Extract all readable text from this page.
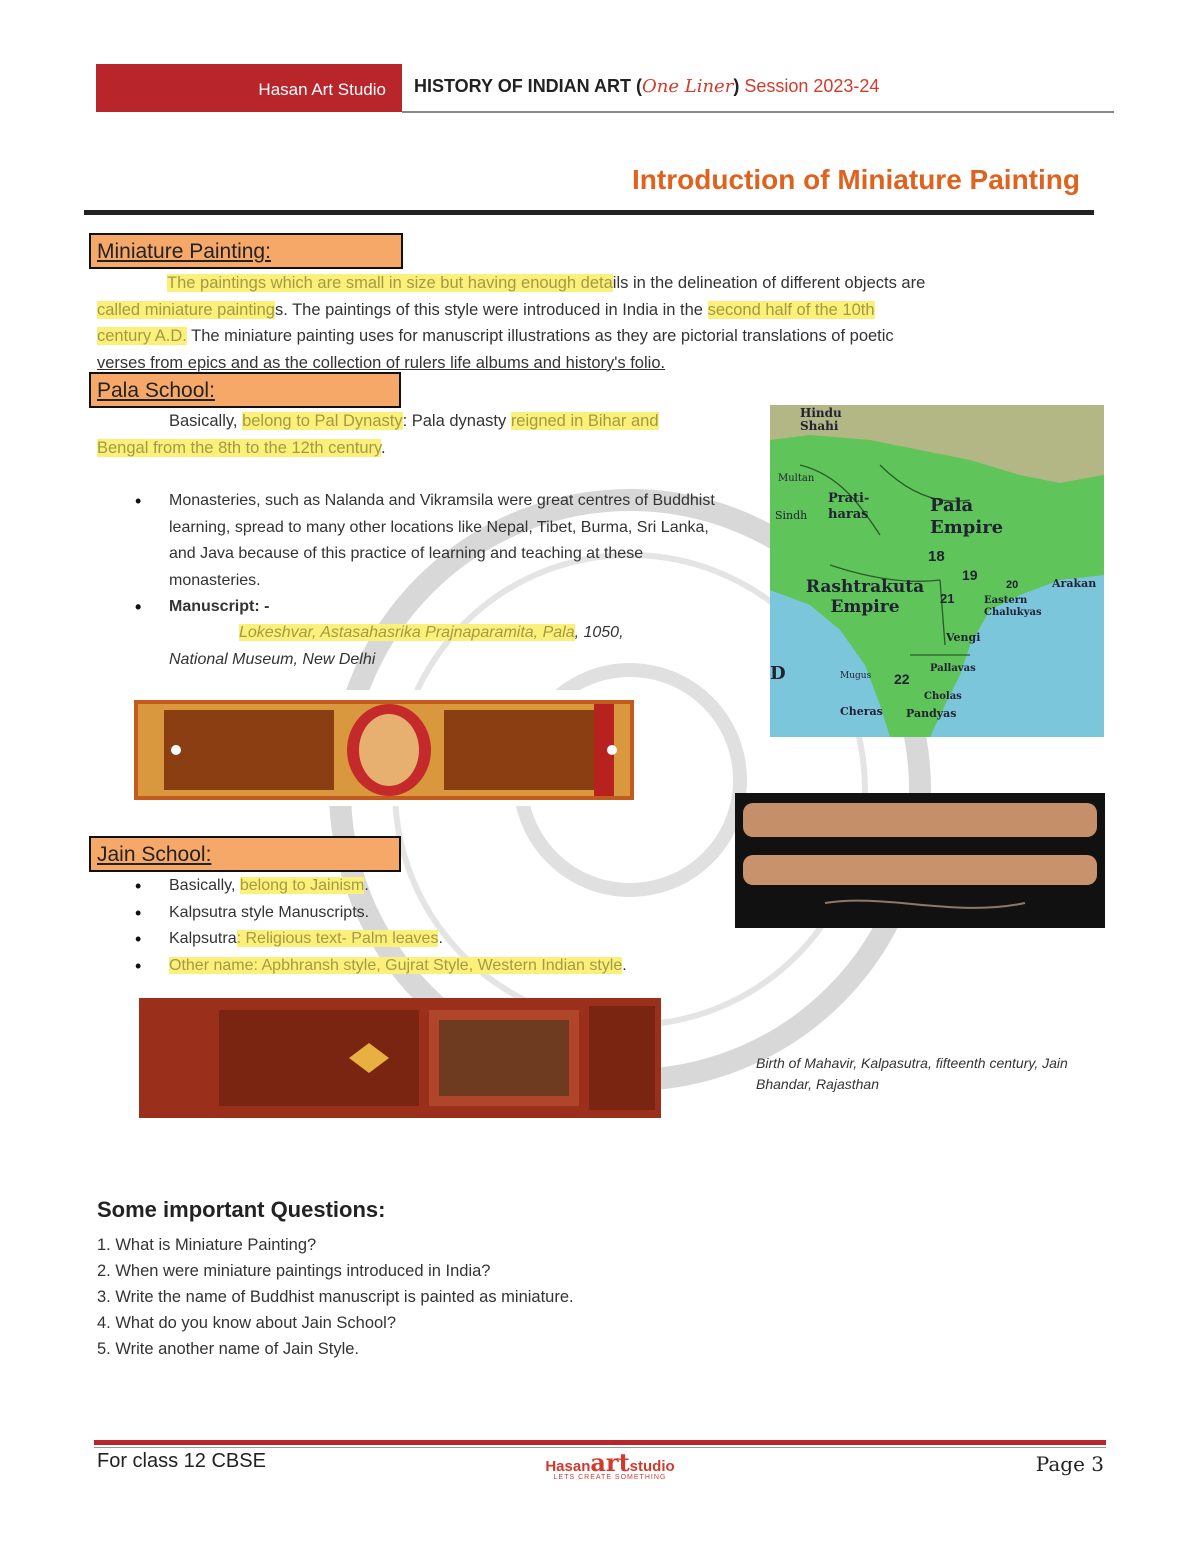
Hasan Art Studio HISTORY OF INDIAN ART (One Liner) Session 2023-24
Introduction of Miniature Painting
Miniature Painting:
The paintings which are small in size but having enough details in the delineation of different objects are
called miniature paintings. The paintings of this style were introduced in India in the second half of the 10th
century A.D. The miniature painting uses for manuscript illustrations as they are pictorial translations of poetic
verses from epics and as the collection of rulers life albums and history's folio.
Pala School:
Basically, belong to Pal Dynasty: Pala dynasty reigned in Bihar and
Bengal from the 8th to the 12th century.
• Monasteries, such as Nalanda and Vikramsila were great centres of Buddhist learning, spread to many other locations like Nepal, Tibet, Burma, Sri Lanka, and Java because of this practice of learning and teaching at these monasteries.
• Manuscript: -
Lokeshvar, Astasahasrika Prajnaparamita, Pala, 1050,
National Museum, New Delhi
Hindu Shahi
Multan
Sindh
Prati- haras	Pala Empire
Rashtrakuta Empire
18
19
20
21
22
Arakan
Eastern Chalukyas
Vengi
Pallavas
Mugus
Cholas
Cheras Pandyas
D
Jain School:
• Basically, belong to Jainism.
• Kalpsutra style Manuscripts.
• Kalpsutra: Religious text- Palm leaves.
• Other name: Apbhransh style, Gujrat Style, Western Indian style.
Birth of Mahavir, Kalpasutra, fifteenth century, Jain Bhandar, Rajasthan
Some important Questions:
1. What is Miniature Painting?
2. When were miniature paintings introduced in India?
3. Write the name of Buddhist manuscript is painted as miniature.
4. What do you know about Jain School?
5. Write another name of Jain Style.
For class 12 CBSE	Hasanartstudio
LETS CREATE SOMETHING
Page 3
